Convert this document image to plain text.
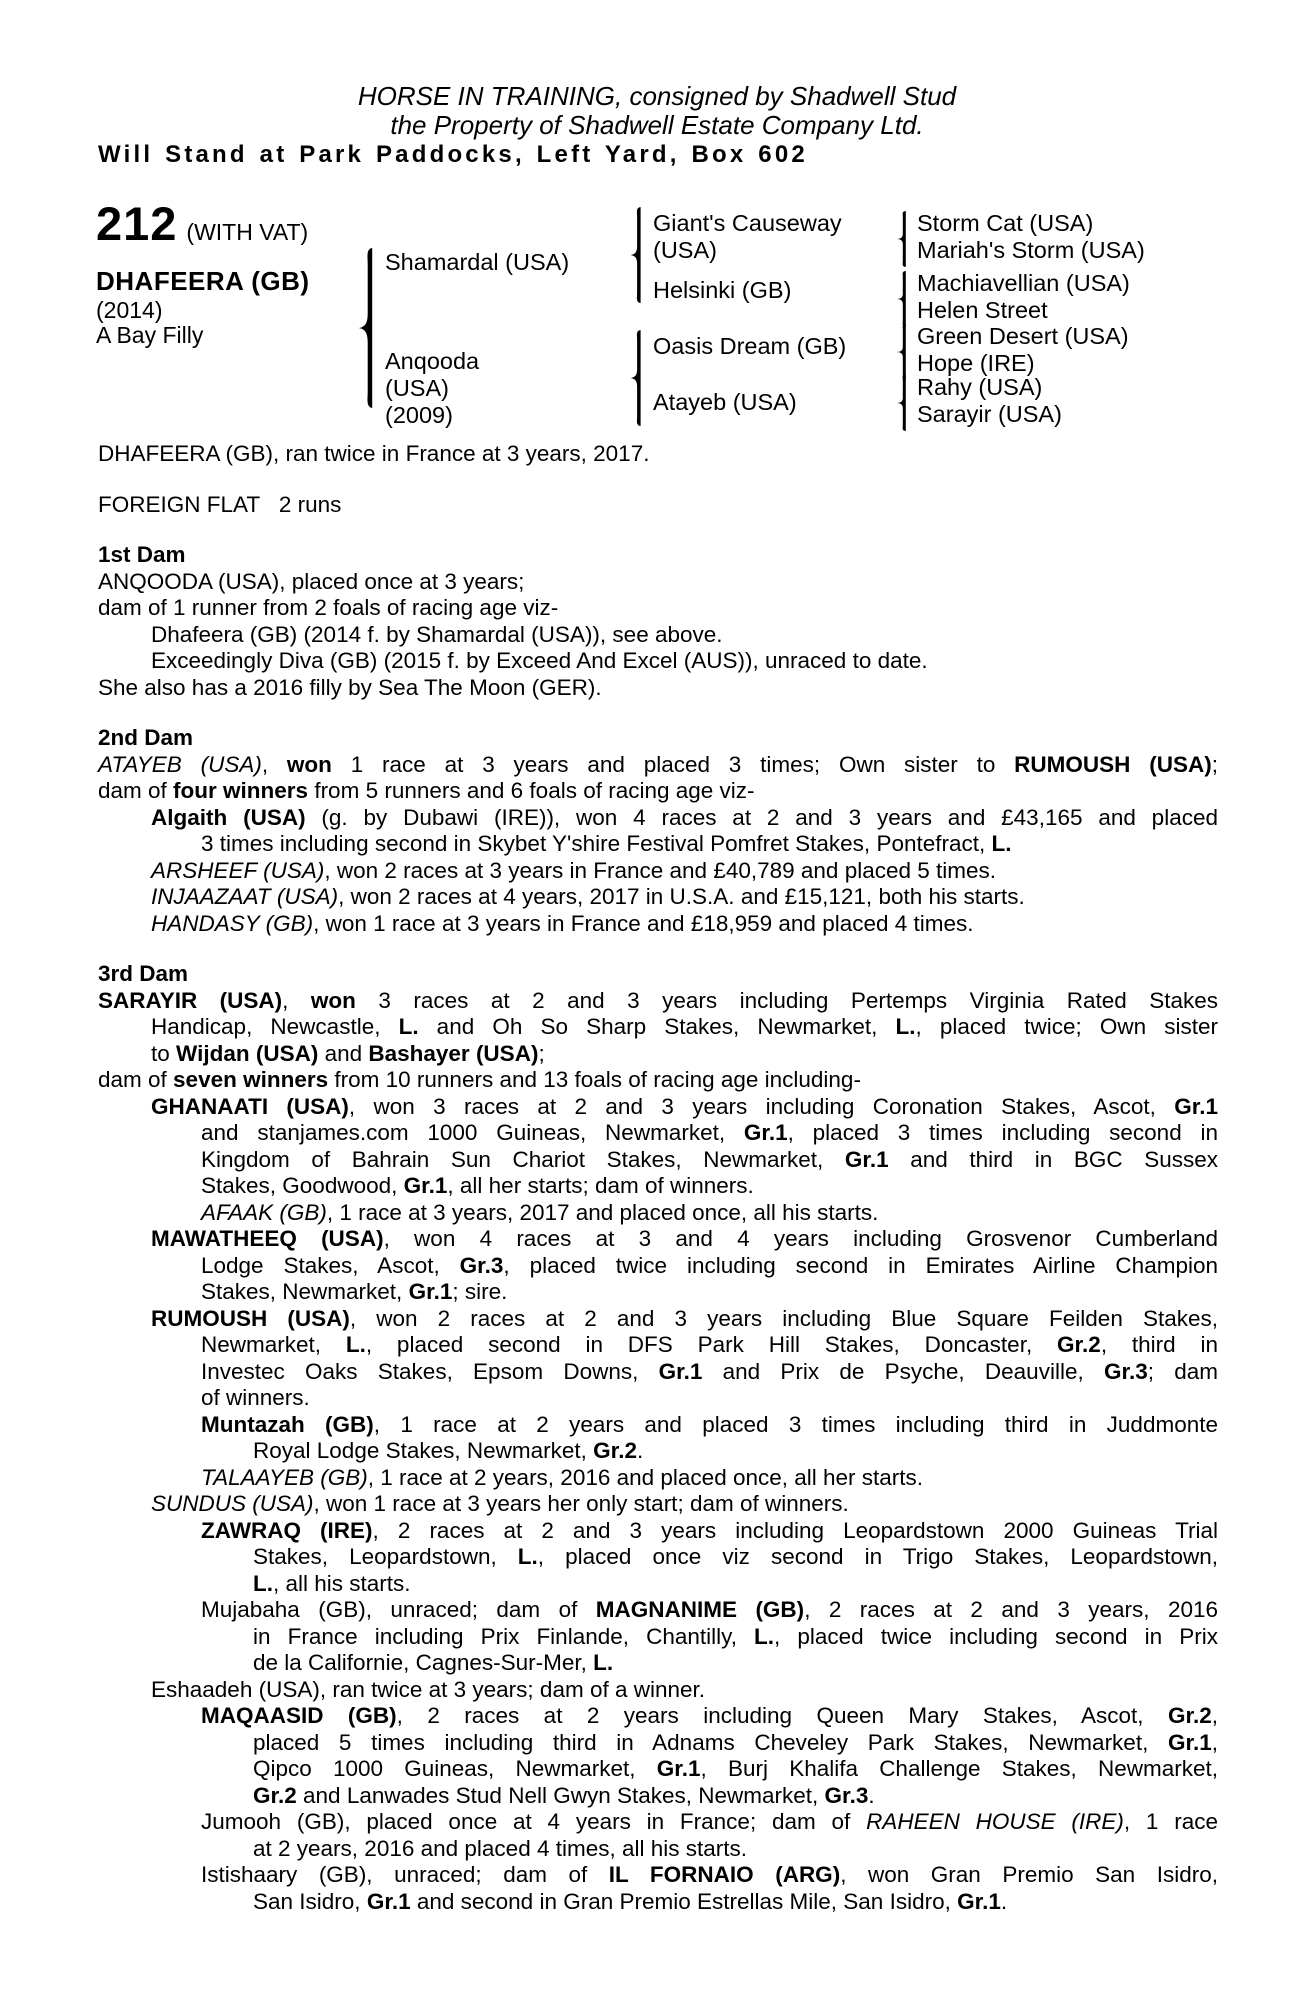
HORSE IN TRAINING, consigned by Shadwell Stud
the Property of Shadwell Estate Company Ltd.
Will Stand at Park Paddocks, Left Yard, Box 602
212 (WITH VAT)
DHAFEERA (GB)
(2014)
A Bay Filly
Shamardal (USA)
Anqooda (USA)
(2009)
Giant's Causeway (USA)
Helsinki (GB)
Oasis Dream (GB)
Atayeb (USA)
Storm Cat (USA)
Mariah's Storm (USA)
Machiavellian (USA)
Helen Street
Green Desert (USA)
Hope (IRE)
Rahy (USA)
Sarayir (USA)
DHAFEERA (GB), ran twice in France at 3 years, 2017.
FOREIGN FLAT   2 runs
1st Dam
ANQOODA (USA), placed once at 3 years;
dam of 1 runner from 2 foals of racing age viz-
Dhafeera (GB) (2014 f. by Shamardal (USA)), see above.
Exceedingly Diva (GB) (2015 f. by Exceed And Excel (AUS)), unraced to date.
She also has a 2016 filly by Sea The Moon (GER).
2nd Dam
ATAYEB (USA), won 1 race at 3 years and placed 3 times; Own sister to RUMOUSH (USA);
dam of four winners from 5 runners and 6 foals of racing age viz-
Algaith (USA) (g. by Dubawi (IRE)), won 4 races at 2 and 3 years and £43,165 and placed
3 times including second in Skybet Y'shire Festival Pomfret Stakes, Pontefract, L.
ARSHEEF (USA), won 2 races at 3 years in France and £40,789 and placed 5 times.
INJAAZAAT (USA), won 2 races at 4 years, 2017 in U.S.A. and £15,121, both his starts.
HANDASY (GB), won 1 race at 3 years in France and £18,959 and placed 4 times.
3rd Dam
SARAYIR (USA), won 3 races at 2 and 3 years including Pertemps Virginia Rated Stakes
Handicap, Newcastle, L. and Oh So Sharp Stakes, Newmarket, L., placed twice; Own sister
to Wijdan (USA) and Bashayer (USA);
dam of seven winners from 10 runners and 13 foals of racing age including-
GHANAATI (USA), won 3 races at 2 and 3 years including Coronation Stakes, Ascot, Gr.1
and stanjames.com 1000 Guineas, Newmarket, Gr.1, placed 3 times including second in
Kingdom of Bahrain Sun Chariot Stakes, Newmarket, Gr.1 and third in BGC Sussex
Stakes, Goodwood, Gr.1, all her starts; dam of winners.
AFAAK (GB), 1 race at 3 years, 2017 and placed once, all his starts.
MAWATHEEQ (USA), won 4 races at 3 and 4 years including Grosvenor Cumberland
Lodge Stakes, Ascot, Gr.3, placed twice including second in Emirates Airline Champion
Stakes, Newmarket, Gr.1; sire.
RUMOUSH (USA), won 2 races at 2 and 3 years including Blue Square Feilden Stakes,
Newmarket, L., placed second in DFS Park Hill Stakes, Doncaster, Gr.2, third in
Investec Oaks Stakes, Epsom Downs, Gr.1 and Prix de Psyche, Deauville, Gr.3; dam
of winners.
Muntazah (GB), 1 race at 2 years and placed 3 times including third in Juddmonte
Royal Lodge Stakes, Newmarket, Gr.2.
TALAAYEB (GB), 1 race at 2 years, 2016 and placed once, all her starts.
SUNDUS (USA), won 1 race at 3 years her only start; dam of winners.
ZAWRAQ (IRE), 2 races at 2 and 3 years including Leopardstown 2000 Guineas Trial
Stakes, Leopardstown, L., placed once viz second in Trigo Stakes, Leopardstown,
L., all his starts.
Mujabaha (GB), unraced; dam of MAGNANIME (GB), 2 races at 2 and 3 years, 2016
in France including Prix Finlande, Chantilly, L., placed twice including second in Prix
de la Californie, Cagnes-Sur-Mer, L.
Eshaadeh (USA), ran twice at 3 years; dam of a winner.
MAQAASID (GB), 2 races at 2 years including Queen Mary Stakes, Ascot, Gr.2,
placed 5 times including third in Adnams Cheveley Park Stakes, Newmarket, Gr.1,
Qipco 1000 Guineas, Newmarket, Gr.1, Burj Khalifa Challenge Stakes, Newmarket,
Gr.2 and Lanwades Stud Nell Gwyn Stakes, Newmarket, Gr.3.
Jumooh (GB), placed once at 4 years in France; dam of RAHEEN HOUSE (IRE), 1 race
at 2 years, 2016 and placed 4 times, all his starts.
Istishaary (GB), unraced; dam of IL FORNAIO (ARG), won Gran Premio San Isidro,
San Isidro, Gr.1 and second in Gran Premio Estrellas Mile, San Isidro, Gr.1.
